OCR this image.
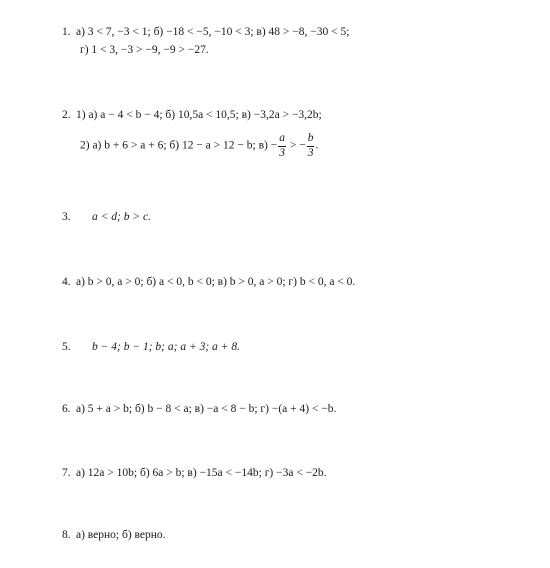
1. а) 3 < 7, −3 < 1; б) −18 < −5, −10 < 3; в) 48 > −8, −30 < 5;
г) 1 < 3, −3 > −9, −9 > −27.
2. 1) а) a − 4 < b − 4; б) 10,5a < 10,5; в) −3,2a > −3,2b;
2) а) b + 6 > a + 6; б) 12 − a > 12 − b; $в) - \frac{a}{3}$ > − $\frac{b}{3}$ .
3. a < d; b > c.
4. а) b > 0, a > 0; б) a < 0, b < 0; в) b > 0, a > 0; г) b < 0, a < 0.
5. b − 4; b − 1; b; a; a + 3; a + 8.
6. а) 5 + a > b; б) b − 8 < a; в) −a < 8 − b; г) −(a + 4) < −b.
7. а) 12a > 10b; б) 6a > b; в) −15a < −14b; г) −3a < −2b.
8. а) верно; б) верно.
